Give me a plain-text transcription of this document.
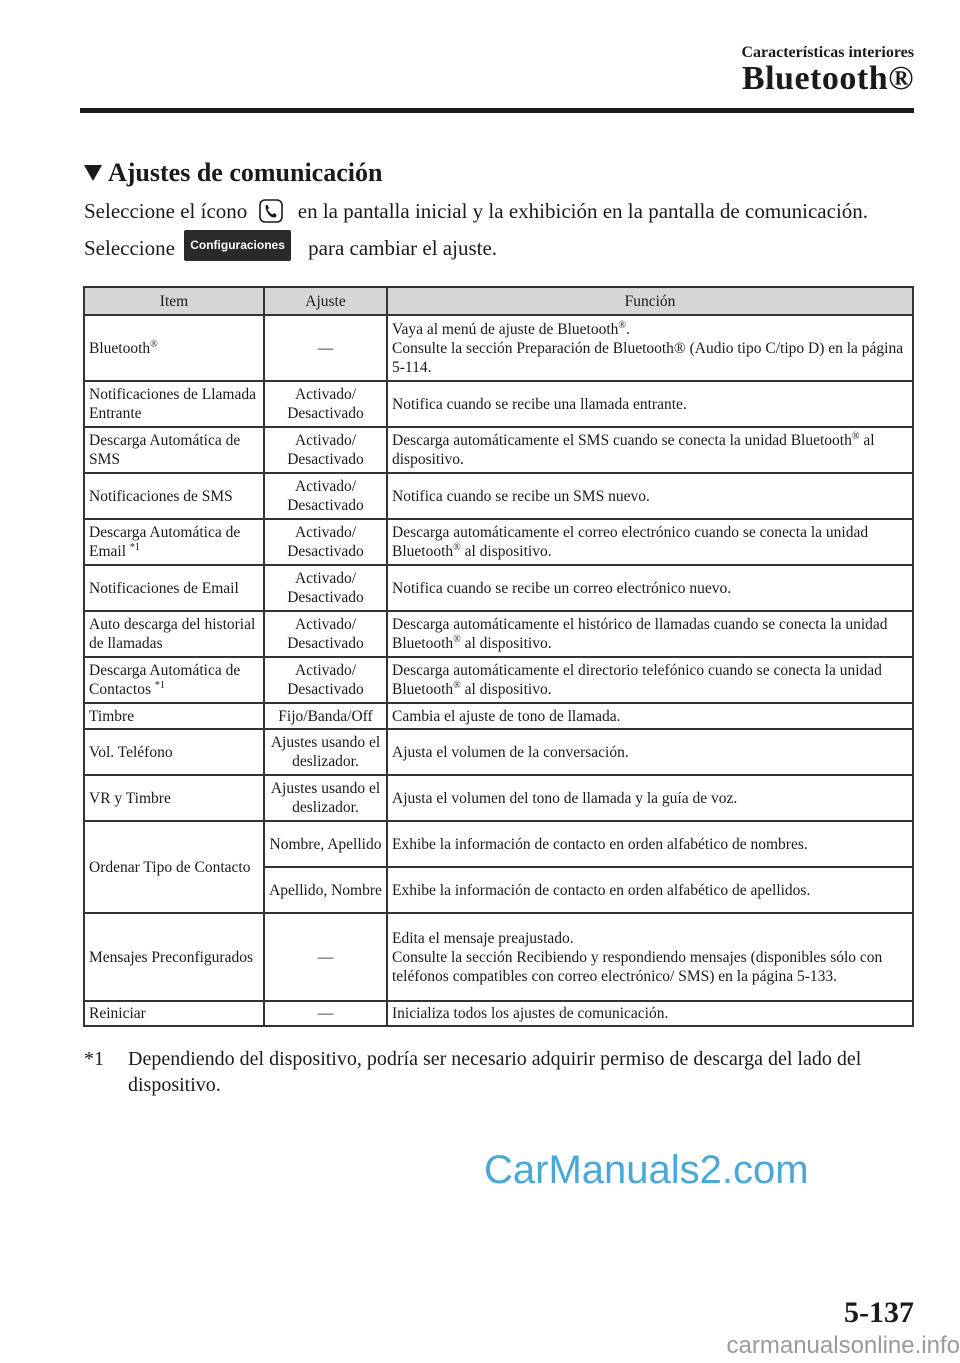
Características interiores
Bluetooth®
Ajustes de comunicación

Seleccione el ícono en la pantalla inicial y la exhibición en la pantalla de comunicación.

Seleccione Configuraciones para cambiar el ajuste.

Item	Ajuste	Función
Bluetooth®	—	Vaya al menú de ajuste de Bluetooth®.
Consulte la sección Preparación de Bluetooth® (Audio tipo C/tipo D) en la página 5-114.
Notificaciones de Llamada Entrante	Activado/ Desactivado	Notifica cuando se recibe una llamada entrante.
Descarga Automática de SMS	Activado/ Desactivado	Descarga automáticamente el SMS cuando se conecta la unidad Bluetooth® al dispositivo.
Notificaciones de SMS	Activado/ Desactivado	Notifica cuando se recibe un SMS nuevo.
Descarga Automática de Email $^{*1}$	Activado/ Desactivado	Descarga automáticamente el correo electrónico cuando se conecta la unidad Bluetooth® al dispositivo.
Notificaciones de Email	Activado/ Desactivado	Notifica cuando se recibe un correo electrónico nuevo.
Auto descarga del historial de llamadas	Activado/ Desactivado	Descarga automáticamente el histórico de llamadas cuando se conecta la unidad Bluetooth® al dispositivo.
Descarga Automática de Contactos $^{*1}$	Activado/ Desactivado	Descarga automáticamente el directorio telefónico cuando se conecta la unidad Bluetooth® al dispositivo.
Timbre	Fijo/Banda/Off	Cambia el ajuste de tono de llamada.
Vol. Teléfono	Ajustes usando el deslizador.	Ajusta el volumen de la conversación.
VR y Timbre	Ajustes usando el deslizador.	Ajusta el volumen del tono de llamada y la guía de voz.
Ordenar Tipo de Contacto	Nombre, Apellido	Exhibe la información de contacto en orden alfabético de nombres.
	Apellido, Nombre	Exhibe la información de contacto en orden alfabético de apellidos.
Mensajes Preconfigurados	—	Edita el mensaje preajustado.
Consulte la sección Recibiendo y respondiendo mensajes (disponibles sólo con teléfonos compatibles con correo electrónico/ SMS) en la página 5-133.
Reiniciar	—	Inicializa todos los ajustes de comunicación.
*1 Dependiendo del dispositivo, podría ser necesario adquirir permiso de descarga del lado del dispositivo.
CarManuals2.com
5-137
carmanualsonline.info
